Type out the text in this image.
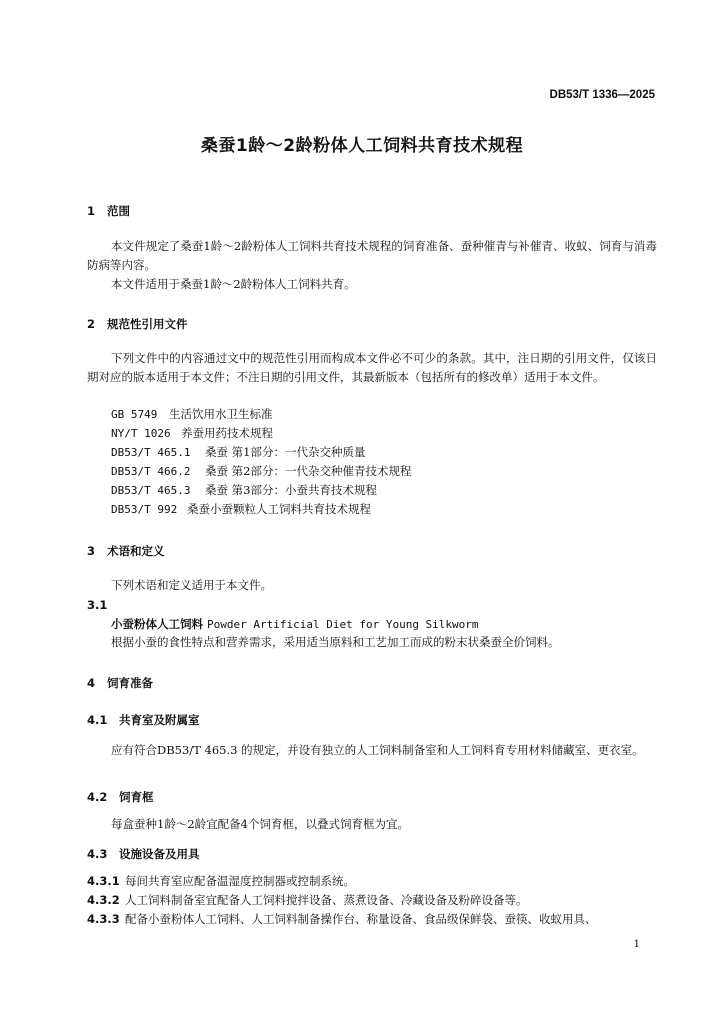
DB53/T 1336—2025
桑蚕1龄～2龄粉体人工饲料共育技术规程
1 范围
本文件规定了桑蚕1龄～2龄粉体人工饲料共育技术规程的饲育准备、蚕种催青与补催青、收蚁、饲育与消毒防病等内容。
本文件适用于桑蚕1龄～2龄粉体人工饲料共育。
2 规范性引用文件
下列文件中的内容通过文中的规范性引用而构成本文件必不可少的条款。其中，注日期的引用文件，仅该日期对应的版本适用于本文件；不注日期的引用文件，其最新版本（包括所有的修改单）适用于本文件。
GB 5749 生活饮用水卫生标准
NY/T 1026 养蚕用药技术规程
DB53/T 465.1 桑蚕 第1部分：一代杂交种质量
DB53/T 466.2 桑蚕 第2部分：一代杂交种催青技术规程
DB53/T 465.3 桑蚕 第3部分：小蚕共育技术规程
DB53/T 992 桑蚕小蚕颗粒人工饲料共育技术规程
3 术语和定义
下列术语和定义适用于本文件。
3.1
小蚕粉体人工饲料 Powder Artificial Diet for Young Silkworm
根据小蚕的食性特点和营养需求，采用适当原料和工艺加工而成的粉末状桑蚕全价饲料。
4 饲育准备
4.1 共育室及附属室
应有符合DB53/T 465.3 的规定，并设有独立的人工饲料制备室和人工饲料育专用材料储藏室、更衣室。
4.2 饲育框
每盒蚕种1龄～2龄宜配备4个饲育框，以叠式饲育框为宜。
4.3 设施设备及用具
4.3.1 每间共育室应配备温湿度控制器或控制系统。
4.3.2 人工饲料制备室宜配备人工饲料搅拌设备、蒸煮设备、冷藏设备及粉碎设备等。
4.3.3 配备小蚕粉体人工饲料、人工饲料制备操作台、称量设备、食品级保鲜袋、蚕筷、收蚁用具、
1
